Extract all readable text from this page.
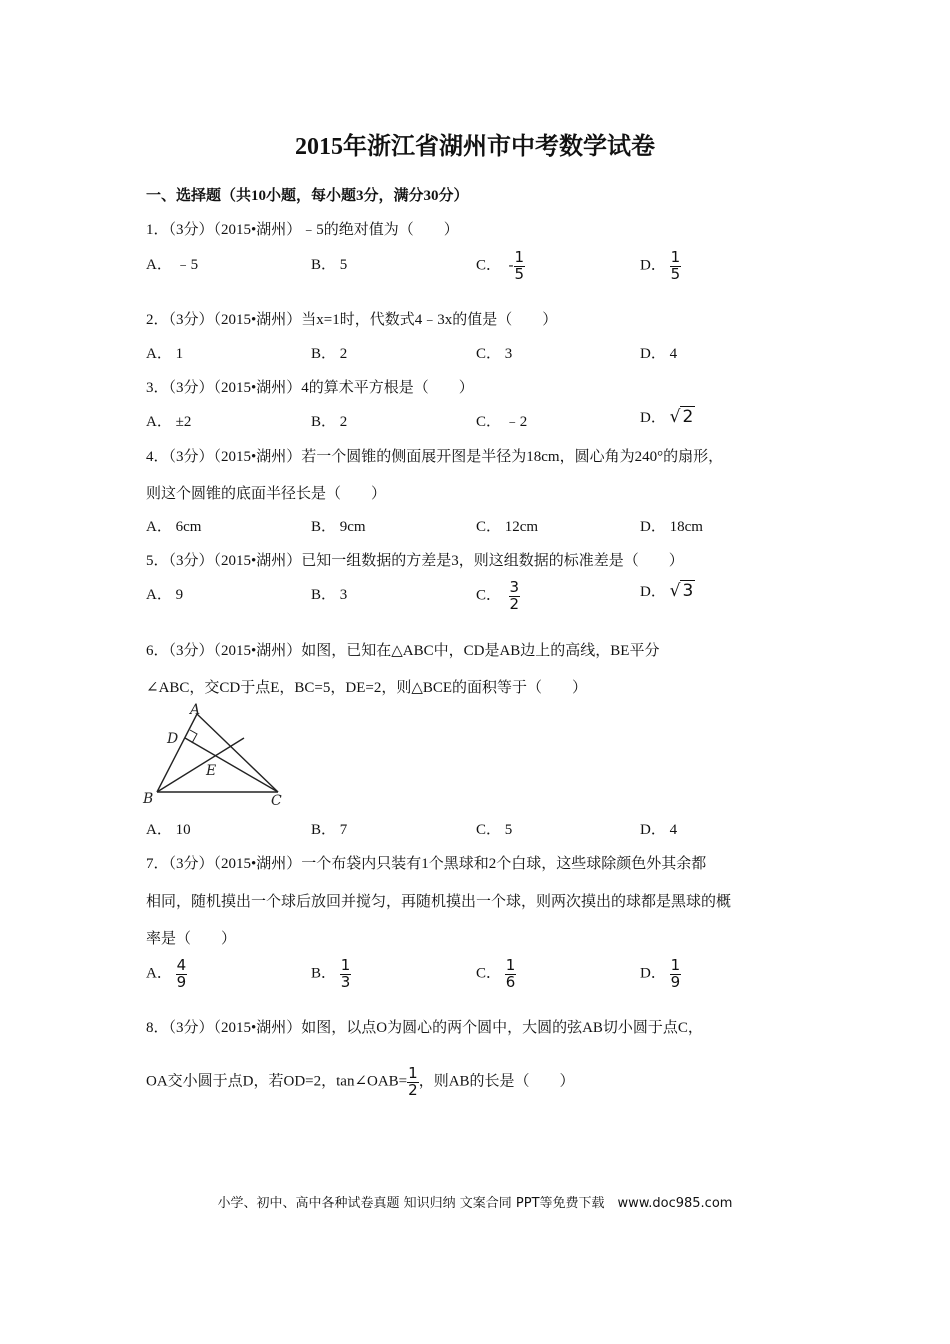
2015年浙江省湖州市中考数学试卷
一、选择题（共10小题，每小题3分，满分30分）
1．（3分）（2015•湖州）﹣5的绝对值为（　　）
A． ﹣5	B． 5	C． - $\frac{1}{5}$	D． $\frac{1}{5}$
2．（3分）（2015•湖州）当x=1时，代数式4﹣3x的值是（　　）
A． 1	B． 2	C． 3	D． 4
3．（3分）（2015•湖州）4的算术平方根是（　　）
A． ±2	B． 2	C． ﹣2	D． √ 2
4．（3分）（2015•湖州）若一个圆锥的侧面展开图是半径为18cm，圆心角为240°的扇形，
则这个圆锥的底面半径长是（　　）
A． 6cm	B． 9cm	C． 12cm	D． 18cm
5．（3分）（2015•湖州）已知一组数据的方差是3，则这组数据的标准差是（　　）
A． 9	B． 3	C． $\frac{3}{2}$	D． √ 3
6．（3分）（2015•湖州）如图，已知在△ABC中，CD是AB边上的高线，BE平分
∠ABC，交CD于点E，BC=5，DE=2，则△BCE的面积等于（　　）
A
D
E
B	C
A． 10	B． 7	C． 5	D． 4
7．（3分）（2015•湖州）一个布袋内只装有1个黑球和2个白球，这些球除颜色外其余都
相同，随机摸出一个球后放回并搅匀，再随机摸出一个球，则两次摸出的球都是黑球的概
率是（　　）
A． $\frac{4}{9}$	B． $\frac{1}{3}$	C． $\frac{1}{6}$	D． $\frac{1}{9}$
8．（3分）（2015•湖州）如图，以点O为圆心的两个圆中，大圆的弦AB切小圆于点C，
OA交小圆于点D，若OD=2，tan∠OAB= $\frac{1}{2}$ ，则AB的长是（　　）
小学、初中、高中各种试卷真题 知识归纳 文案合同 PPT等免费下载　www.doc985.com
